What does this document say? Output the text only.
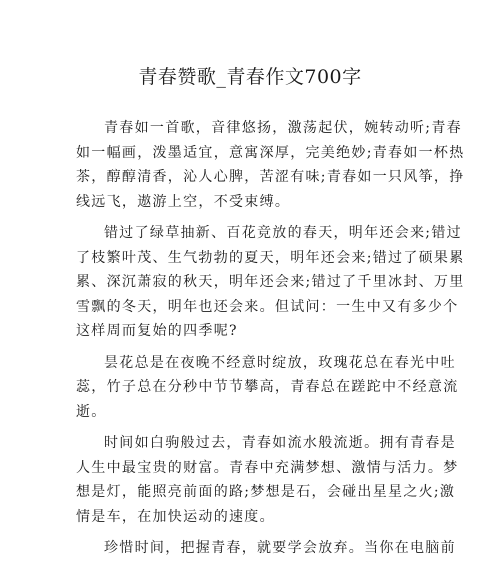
青春赞歌_青春作文700字
青春如一首歌，音律悠扬，激荡起伏，婉转动听;青春
如一幅画，泼墨适宜，意寓深厚，完美绝妙;青春如一杯热
茶，醇醇清香，沁人心脾，苦涩有味;青春如一只风筝，挣
线远飞，遨游上空，不受束缚。
错过了绿草抽新、百花竞放的春天，明年还会来;错过
了枝繁叶茂、生气勃勃的夏天，明年还会来;错过了硕果累
累、深沉萧寂的秋天，明年还会来;错过了千里冰封、万里
雪飘的冬天，明年也还会来。但试问：一生中又有多少个
这样周而复始的四季呢?
昙花总是在夜晚不经意时绽放，玫瑰花总在春光中吐
蕊，竹子总在分秒中节节攀高，青春总在蹉跎中不经意流
逝。
时间如白驹般过去，青春如流水般流逝。拥有青春是
人生中最宝贵的财富。青春中充满梦想、激情与活力。梦
想是灯，能照亮前面的路;梦想是石，会碰出星星之火;激
情是车，在加快运动的速度。
珍惜时间，把握青春，就要学会放弃。当你在电脑前
